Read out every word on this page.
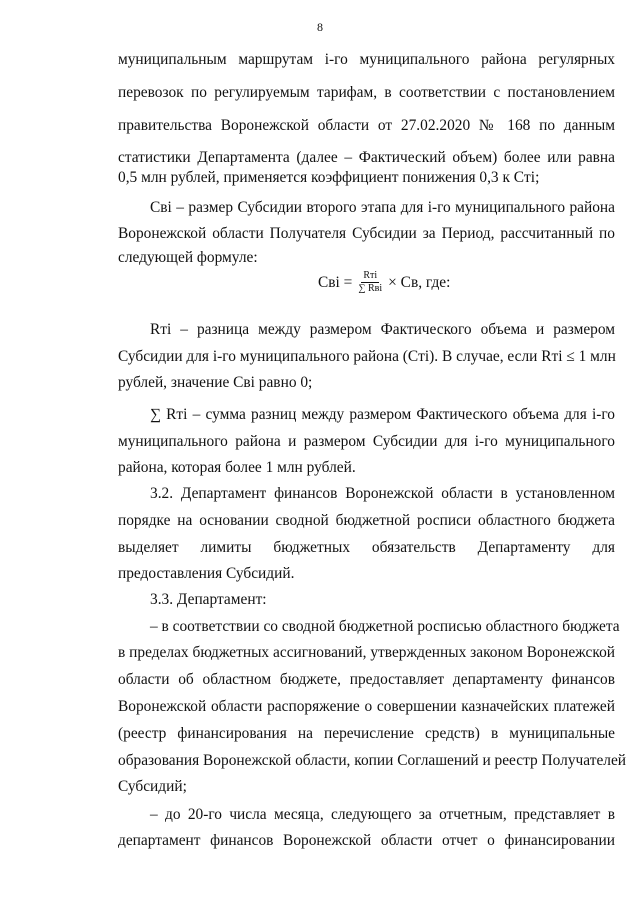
8
муниципальным маршрутам i-го муниципального района регулярных
перевозок по регулируемым тарифам, в соответствии с постановлением
правительства Воронежской области от 27.02.2020 № 168 по данным
статистики Департамента (далее – Фактический объем) более или равна
0,5 млн рублей, применяется коэффициент понижения 0,3 к Cтi;
Cвi – размер Субсидии второго этапа для i-го муниципального района
Воронежской области Получателя Субсидии за Период, рассчитанный по
следующей формуле:
Cвi = $\frac{\text{Rтi}}{\text{∑ Rвi}}$ × Cв, где:
Rтi – разница между размером Фактического объема и размером
Субсидии для i-го муниципального района (Cтi). В случае, если Rтi ≤ 1 млн
рублей, значение Cвi равно 0;
∑ Rтi – сумма разниц между размером Фактического объема для i-го
муниципального района и размером Субсидии для i-го муниципального
района, которая более 1 млн рублей.
3.2. Департамент финансов Воронежской области в установленном
порядке на основании сводной бюджетной росписи областного бюджета
выделяет лимиты бюджетных обязательств Департаменту для
предоставления Субсидий.
3.3. Департамент:
– в соответствии со сводной бюджетной росписью областного бюджета
в пределах бюджетных ассигнований, утвержденных законом Воронежской
области об областном бюджете, предоставляет департаменту финансов
Воронежской области распоряжение о совершении казначейских платежей
(реестр финансирования на перечисление средств) в муниципальные
образования Воронежской области, копии Соглашений и реестр Получателей
Субсидий;
– до 20-го числа месяца, следующего за отчетным, представляет в
департамент финансов Воронежской области отчет о финансировании
